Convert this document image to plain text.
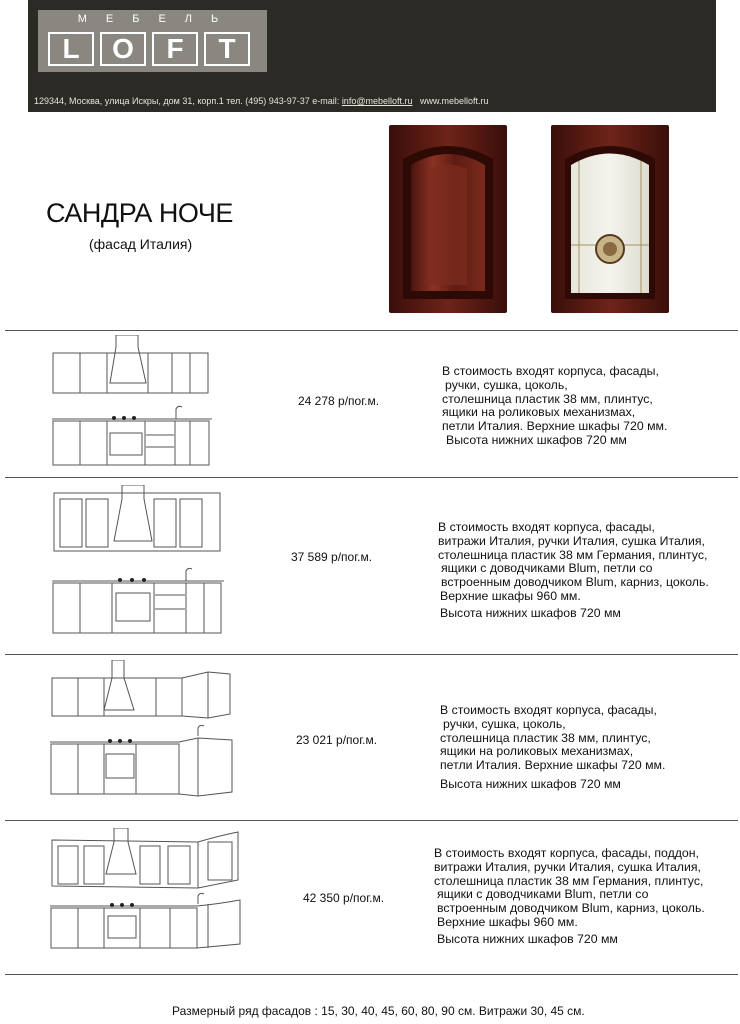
МЕБЕЛЬ
L	O	F	T
129344, Москва, улица Искры, дом 31, корп.1 тел. (495) 943-97-37 e-mail: info@mebelloft.ru www.mebelloft.ru
САНДРА НОЧЕ
(фасад Италия)
24 278 р/пог.м.
В стоимость входят корпуса, фасады,
ручки, сушка, цоколь,
столешница пластик 38 мм, плинтус,
ящики на роликовых механизмах,
петли Италия. Верхние шкафы 720 мм.
Высота нижних шкафов 720 мм
37 589 р/пог.м.
В стоимость входят корпуса, фасады,
витражи Италия, ручки Италия, сушка Италия,
столешница пластик 38 мм Германия, плинтус,
ящики с доводчиками Blum, петли со
встроенным доводчиком Blum, карниз, цоколь.
Верхние шкафы 960 мм.
Высота нижних шкафов 720 мм
23 021 р/пог.м.
В стоимость входят корпуса, фасады,
ручки, сушка, цоколь,
столешница пластик 38 мм, плинтус,
ящики на роликовых механизмах,
петли Италия. Верхние шкафы 720 мм.
Высота нижних шкафов 720 мм
42 350 р/пог.м.
В стоимость входят корпуса, фасады, поддон,
витражи Италия, ручки Италия, сушка Италия,
столешница пластик 38 мм Германия, плинтус,
ящики с доводчиками Blum, петли со
встроенным доводчиком Blum, карниз, цоколь.
Верхние шкафы 960 мм.
Высота нижних шкафов 720 мм
Размерный ряд фасадов : 15, 30, 40, 45, 60, 80, 90 см. Витражи 30, 45 см.
